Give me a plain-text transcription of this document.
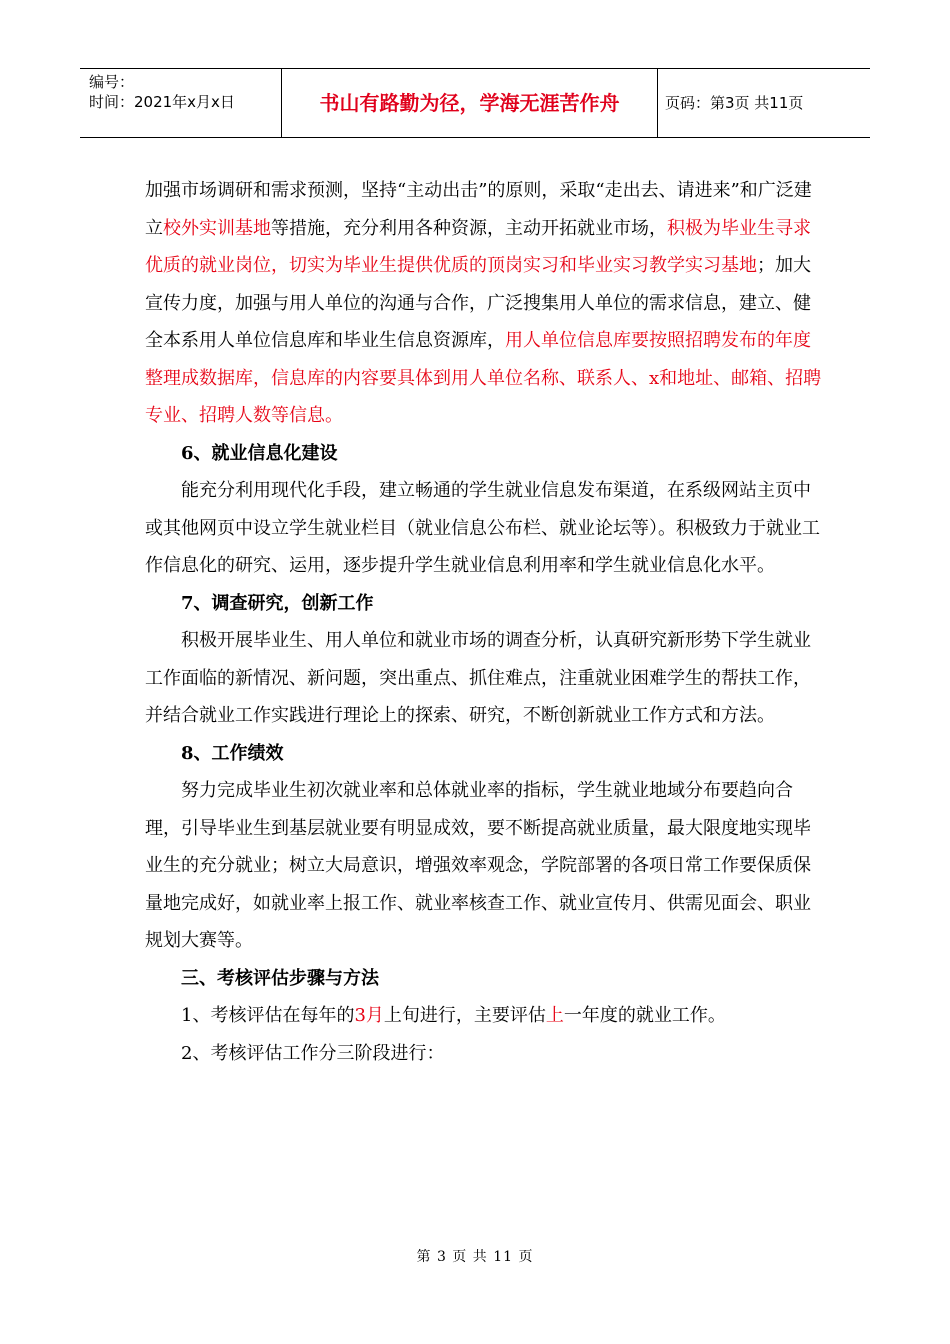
编号：
时间：2021年x月x日	书山有路勤为径，学海无涯苦作舟	页码：第3页 共11页

加强市场调研和需求预测，坚持“主动出击”的原则，采取“走出去、请进来”和广泛建立校外实训基地等措施，充分利用各种资源，主动开拓就业市场，积极为毕业生寻求优质的就业岗位，切实为毕业生提供优质的顶岗实习和毕业实习教学实习基地；加大宣传力度，加强与用人单位的沟通与合作，广泛搜集用人单位的需求信息，建立、健全本系用人单位信息库和毕业生信息资源库，用人单位信息库要按照招聘发布的年度整理成数据库，信息库的内容要具体到用人单位名称、联系人、x和地址、邮箱、招聘专业、招聘人数等信息。

6、就业信息化建设

能充分利用现代化手段，建立畅通的学生就业信息发布渠道，在系级网站主页中或其他网页中设立学生就业栏目（就业信息公布栏、就业论坛等）。积极致力于就业工作信息化的研究、运用，逐步提升学生就业信息利用率和学生就业信息化水平。

7、调查研究，创新工作

积极开展毕业生、用人单位和就业市场的调查分析，认真研究新形势下学生就业工作面临的新情况、新问题，突出重点、抓住难点，注重就业困难学生的帮扶工作，并结合就业工作实践进行理论上的探索、研究，不断创新就业工作方式和方法。

8、工作绩效

努力完成毕业生初次就业率和总体就业率的指标，学生就业地域分布要趋向合理，引导毕业生到基层就业要有明显成效，要不断提高就业质量，最大限度地实现毕业生的充分就业；树立大局意识，增强效率观念，学院部署的各项日常工作要保质保量地完成好，如就业率上报工作、就业率核查工作、就业宣传月、供需见面会、职业规划大赛等。

三、考核评估步骤与方法

1、考核评估在每年的3月上旬进行，主要评估上一年度的就业工作。

2、考核评估工作分三阶段进行：

第 3 页 共 11 页
